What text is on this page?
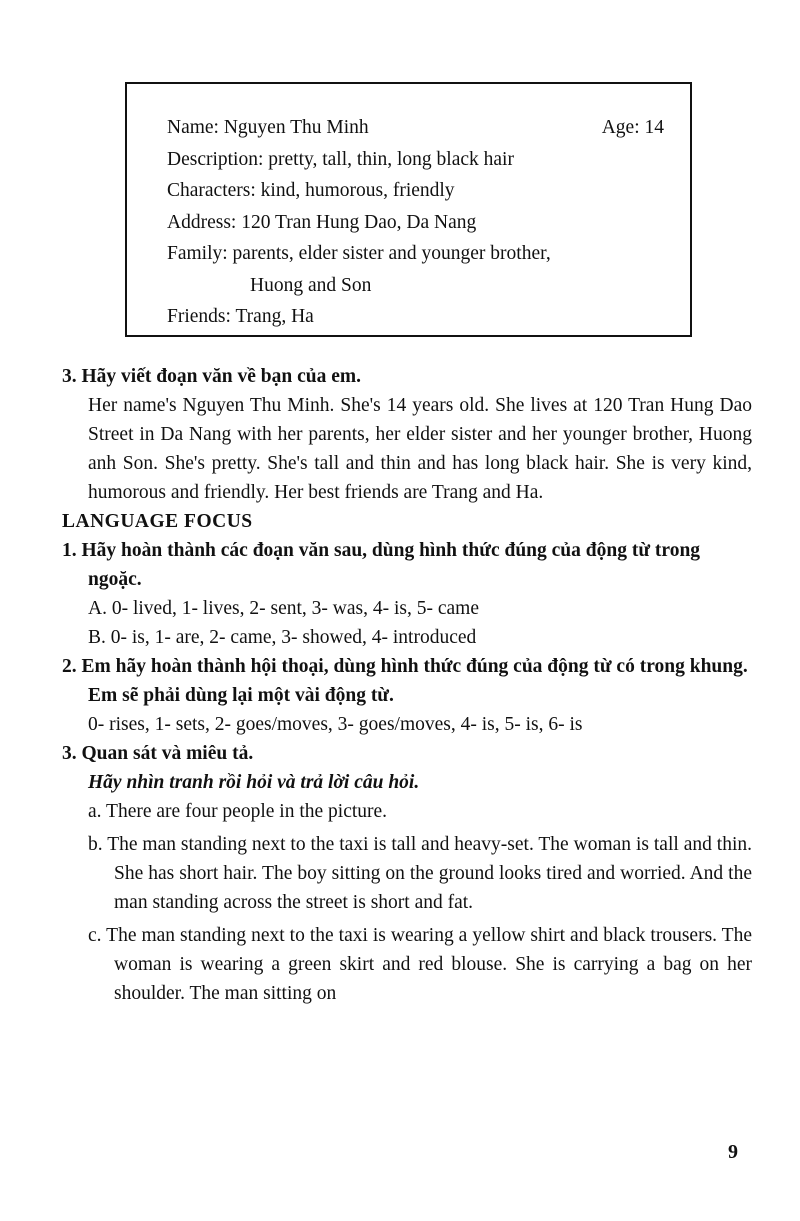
Name: Nguyen Thu Minh	Age: 14
Description: pretty, tall, thin, long black hair
Characters: kind, humorous, friendly
Address: 120 Tran Hung Dao, Da Nang
Family: parents, elder sister and younger brother,
Huong and Son
Friends: Trang, Ha
3. Hãy viết đoạn văn về bạn của em.
Her name's Nguyen Thu Minh. She's 14 years old. She lives at 120 Tran Hung Dao Street in Da Nang with her parents, her elder sister and her younger brother, Huong anh Son. She's pretty. She's tall and thin and has long black hair. She is very kind, humorous and friendly. Her best friends are Trang and Ha.
LANGUAGE FOCUS
1. Hãy hoàn thành các đoạn văn sau, dùng hình thức đúng của động từ trong ngoặc.
A. 0- lived, 1- lives, 2- sent, 3- was, 4- is, 5- came
B. 0- is, 1- are, 2- came, 3- showed, 4- introduced
2. Em hãy hoàn thành hội thoại, dùng hình thức đúng của động từ có trong khung. Em sẽ phải dùng lại một vài động từ.
0- rises, 1- sets, 2- goes/moves, 3- goes/moves, 4- is, 5- is, 6- is
3. Quan sát và miêu tả.
Hãy nhìn tranh rồi hỏi và trả lời câu hỏi.
a. There are four people in the picture.
b. The man standing next to the taxi is tall and heavy-set. The woman is tall and thin. She has short hair. The boy sitting on the ground looks tired and worried. And the man standing across the street is short and fat.
c. The man standing next to the taxi is wearing a yellow shirt and black trousers. The woman is wearing a green skirt and red blouse. She is carrying a bag on her shoulder. The man sitting on
9
